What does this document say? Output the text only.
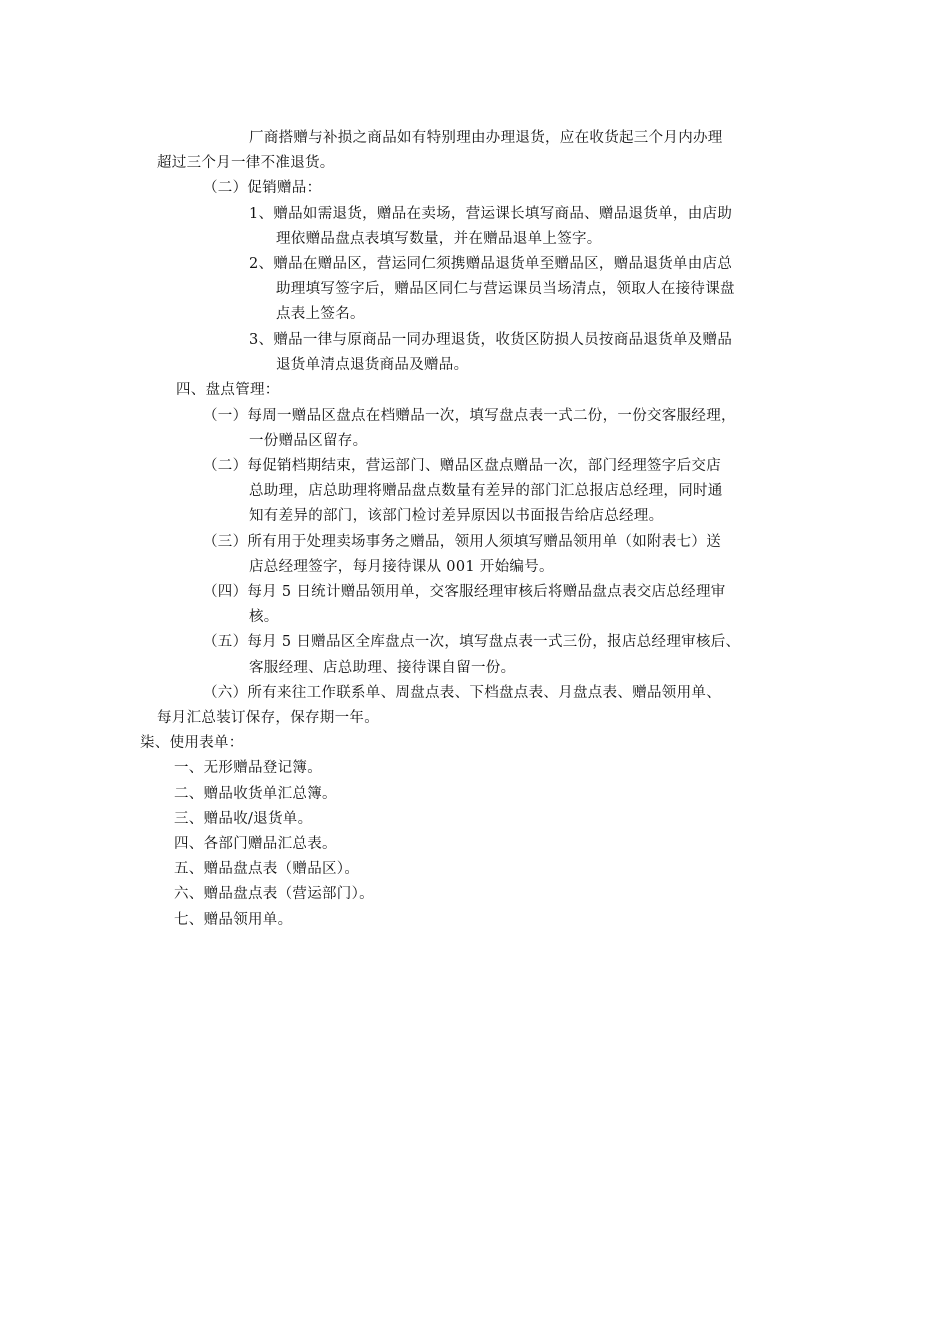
厂商搭赠与补损之商品如有特别理由办理退货，应在收货起三个月内办理
超过三个月一律不准退货。
（二）促销赠品：
1、赠品如需退货，赠品在卖场，营运课长填写商品、赠品退货单，由店助
理依赠品盘点表填写数量，并在赠品退单上签字。
2、赠品在赠品区，营运同仁须携赠品退货单至赠品区，赠品退货单由店总
助理填写签字后，赠品区同仁与营运课员当场清点，领取人在接待课盘
点表上签名。
3、赠品一律与原商品一同办理退货，收货区防损人员按商品退货单及赠品
退货单清点退货商品及赠品。
四、盘点管理：
（一）每周一赠品区盘点在档赠品一次，填写盘点表一式二份，一份交客服经理，
一份赠品区留存。
（二）每促销档期结束，营运部门、赠品区盘点赠品一次，部门经理签字后交店
总助理，店总助理将赠品盘点数量有差异的部门汇总报店总经理，同时通
知有差异的部门，该部门检讨差异原因以书面报告给店总经理。
（三）所有用于处理卖场事务之赠品，领用人须填写赠品领用单（如附表七）送
店总经理签字，每月接待课从 001 开始编号。
（四）每月 5 日统计赠品领用单，交客服经理审核后将赠品盘点表交店总经理审
核。
（五）每月 5 日赠品区全库盘点一次，填写盘点表一式三份，报店总经理审核后、
客服经理、店总助理、接待课自留一份。
（六）所有来往工作联系单、周盘点表、下档盘点表、月盘点表、赠品领用单、
每月汇总装订保存，保存期一年。
柒、使用表单：
一、无形赠品登记簿。
二、赠品收货单汇总簿。
三、赠品收/退货单。
四、各部门赠品汇总表。
五、赠品盘点表（赠品区）。
六、赠品盘点表（营运部门）。
七、赠品领用单。
